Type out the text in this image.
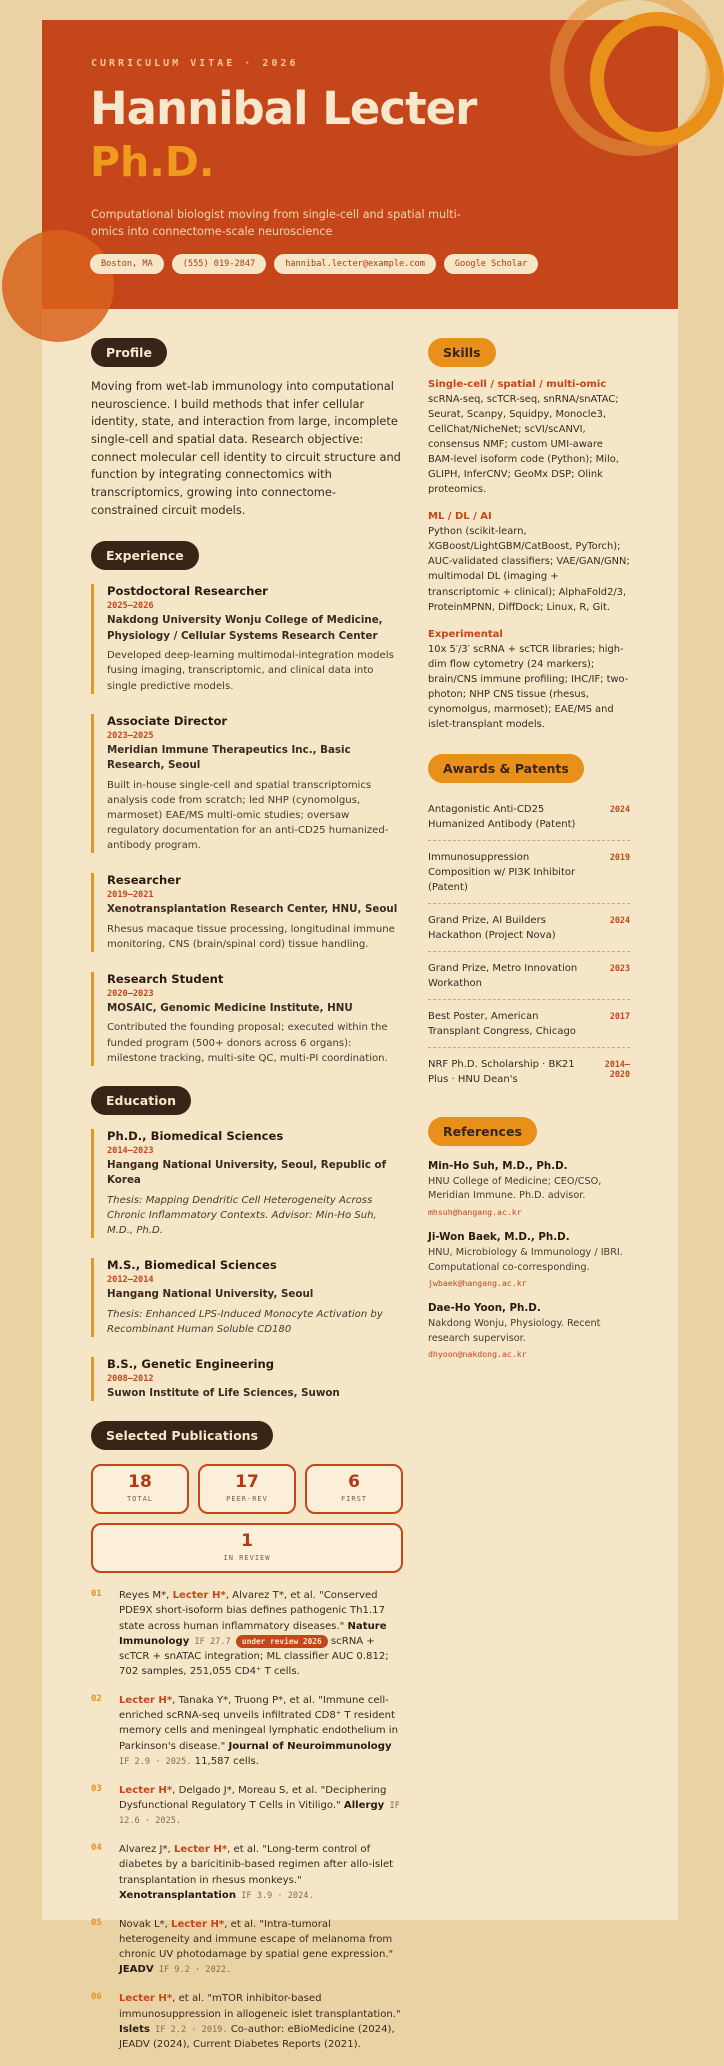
CURRICULUM VITAE · 2026
Hannibal Lecter
Ph.D.
Computational biologist moving from single-cell and spatial multi-omics into connectome-scale neuroscience
Boston, MA	(555) 019-2847	hannibal.lecter@example.com	Google Scholar
Profile

Moving from wet-lab immunology into computational neuroscience. I build methods that infer cellular identity, state, and interaction from large, incomplete single-cell and spatial data. Research objective: connect molecular cell identity to circuit structure and function by integrating connectomics with transcriptomics, growing into connectome-constrained circuit models.

Experience
Postdoctoral Researcher
2025–2026
Nakdong University Wonju College of Medicine, Physiology / Cellular Systems Research Center
Developed deep-learning multimodal-integration models fusing imaging, transcriptomic, and clinical data into single predictive models.
Associate Director
2023–2025
Meridian Immune Therapeutics Inc., Basic Research, Seoul
Built in-house single-cell and spatial transcriptomics analysis code from scratch; led NHP (cynomolgus, marmoset) EAE/MS multi-omic studies; oversaw regulatory documentation for an anti-CD25 humanized-antibody program.
Researcher
2019–2021
Xenotransplantation Research Center, HNU, Seoul
Rhesus macaque tissue processing, longitudinal immune monitoring, CNS (brain/spinal cord) tissue handling.
Research Student
2020–2023
MOSAIC, Genomic Medicine Institute, HNU
Contributed the founding proposal; executed within the funded program (500+ donors across 6 organs): milestone tracking, multi-site QC, multi-PI coordination.
Education
Ph.D., Biomedical Sciences
2014–2023
Hangang National University, Seoul, Republic of Korea
Thesis: Mapping Dendritic Cell Heterogeneity Across Chronic Inflammatory Contexts. Advisor: Min-Ho Suh, M.D., Ph.D.
M.S., Biomedical Sciences
2012–2014
Hangang National University, Seoul
Thesis: Enhanced LPS-Induced Monocyte Activation by Recombinant Human Soluble CD180
B.S., Genetic Engineering
2008–2012
Suwon Institute of Life Sciences, Suwon
Selected Publications
18
TOTAL
17
PEER-REV
6
FIRST
1
IN REVIEW
01	Reyes M*, Lecter H*, Alvarez T*, et al. "Conserved PDE9X short-isoform bias defines pathogenic Th1.17 state across human inflammatory diseases." Nature Immunology IF 27.7 under review 2026 scRNA + scTCR + snATAC integration; ML classifier AUC 0.812; 702 samples, 251,055 CD4⁺ T cells.
02	Lecter H*, Tanaka Y*, Truong P*, et al. "Immune cell-enriched scRNA-seq unveils infiltrated CD8⁺ T resident memory cells and meningeal lymphatic endothelium in Parkinson's disease." Journal of Neuroimmunology IF 2.9 · 2025. 11,587 cells.
03	Lecter H*, Delgado J*, Moreau S, et al. "Deciphering Dysfunctional Regulatory T Cells in Vitiligo." Allergy IF 12.6 · 2025.
04	Alvarez J*, Lecter H*, et al. "Long-term control of diabetes by a baricitinib-based regimen after allo-islet transplantation in rhesus monkeys." Xenotransplantation IF 3.9 · 2024.
05	Novak L*, Lecter H*, et al. "Intra-tumoral heterogeneity and immune escape of melanoma from chronic UV photodamage by spatial gene expression." JEADV IF 9.2 · 2022.
06	Lecter H*, et al. "mTOR inhibitor-based immunosuppression in allogeneic islet transplantation." Islets IF 2.2 · 2019. Co-author: eBioMedicine (2024), JEADV (2024), Current Diabetes Reports (2021).
Skills
Single-cell / spatial / multi-omic
scRNA-seq, scTCR-seq, snRNA/snATAC; Seurat, Scanpy, Squidpy, Monocle3, CellChat/NicheNet; scVI/scANVI, consensus NMF; custom UMI-aware BAM-level isoform code (Python); Milo, GLIPH, InferCNV; GeoMx DSP; Olink proteomics.
ML / DL / AI
Python (scikit-learn, XGBoost/LightGBM/CatBoost, PyTorch); AUC-validated classifiers; VAE/GAN/GNN; multimodal DL (imaging + transcriptomic + clinical); AlphaFold2/3, ProteinMPNN, DiffDock; Linux, R, Git.
Experimental
10x 5′/3′ scRNA + scTCR libraries; high-dim flow cytometry (24 markers); brain/CNS immune profiling; IHC/IF; two-photon; NHP CNS tissue (rhesus, cynomolgus, marmoset); EAE/MS and islet-transplant models.
Awards & Patents
Antagonistic Anti-CD25 Humanized Antibody (Patent)
2024
Immunosuppression Composition w/ PI3K Inhibitor (Patent)
2019
Grand Prize, AI Builders Hackathon (Project Nova)
2024
Grand Prize, Metro Innovation Workathon
2023
Best Poster, American Transplant Congress, Chicago
2017
NRF Ph.D. Scholarship · BK21 Plus · HNU Dean's
2014–2020
References
Min-Ho Suh, M.D., Ph.D.
HNU College of Medicine; CEO/CSO, Meridian Immune. Ph.D. advisor.
mhsuh@hangang.ac.kr
Ji-Won Baek, M.D., Ph.D.
HNU, Microbiology & Immunology / IBRI. Computational co-corresponding.
jwbaek@hangang.ac.kr
Dae-Ho Yoon, Ph.D.
Nakdong Wonju, Physiology. Recent research supervisor.
dhyoon@nakdong.ac.kr
